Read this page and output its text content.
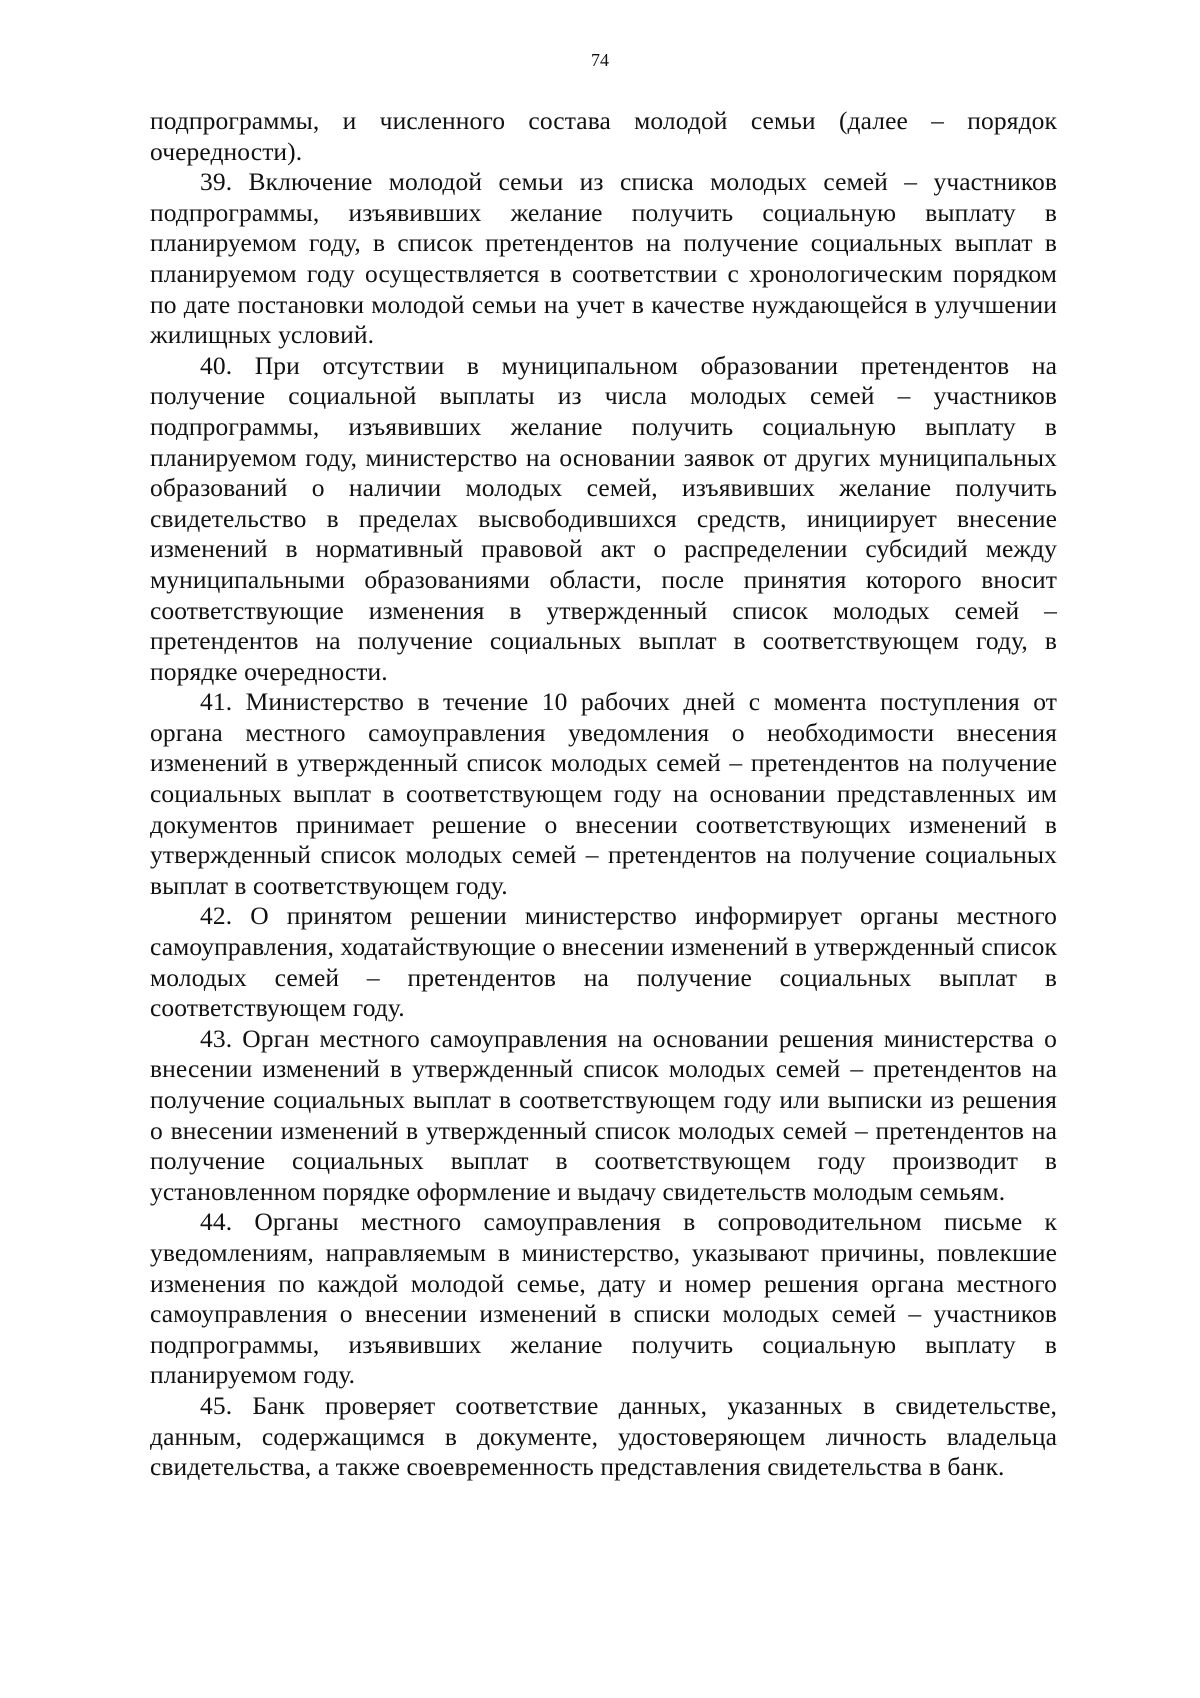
74

подпрограммы, и численного состава молодой семьи (далее – порядок очередности).

39. Включение молодой семьи из списка молодых семей – участников подпрограммы, изъявивших желание получить социальную выплату в планируемом году, в список претендентов на получение социальных выплат в планируемом году осуществляется в соответствии с хронологическим порядком по дате постановки молодой семьи на учет в качестве нуждающейся в улучшении жилищных условий.

40. При отсутствии в муниципальном образовании претендентов на получение социальной выплаты из числа молодых семей – участников подпрограммы, изъявивших желание получить социальную выплату в планируемом году, министерство на основании заявок от других муниципальных образований о наличии молодых семей, изъявивших желание получить свидетельство в пределах высвободившихся средств, инициирует внесение изменений в нормативный правовой акт о распределении субсидий между муниципальными образованиями области, после принятия которого вносит соответствующие изменения в утвержденный список молодых семей – претендентов на получение социальных выплат в соответствующем году, в порядке очередности.

41. Министерство в течение 10 рабочих дней с момента поступления от органа местного самоуправления уведомления о необходимости внесения изменений в утвержденный список молодых семей – претендентов на получение социальных выплат в соответствующем году на основании представленных им документов принимает решение о внесении соответствующих изменений в утвержденный список молодых семей – претендентов на получение социальных выплат в соответствующем году.

42. О принятом решении министерство информирует органы местного самоуправления, ходатайствующие о внесении изменений в утвержденный список молодых семей – претендентов на получение социальных выплат в соответствующем году.

43. Орган местного самоуправления на основании решения министерства о внесении изменений в утвержденный список молодых семей – претендентов на получение социальных выплат в соответствующем году или выписки из решения о внесении изменений в утвержденный список молодых семей – претендентов на получение социальных выплат в соответствующем году производит в установленном порядке оформление и выдачу свидетельств молодым семьям.

44. Органы местного самоуправления в сопроводительном письме к уведомлениям, направляемым в министерство, указывают причины, повлекшие изменения по каждой молодой семье, дату и номер решения органа местного самоуправления о внесении изменений в списки молодых семей – участников подпрограммы, изъявивших желание получить социальную выплату в планируемом году.

45. Банк проверяет соответствие данных, указанных в свидетельстве, данным, содержащимся в документе, удостоверяющем личность владельца свидетельства, а также своевременность представления свидетельства в банк.
